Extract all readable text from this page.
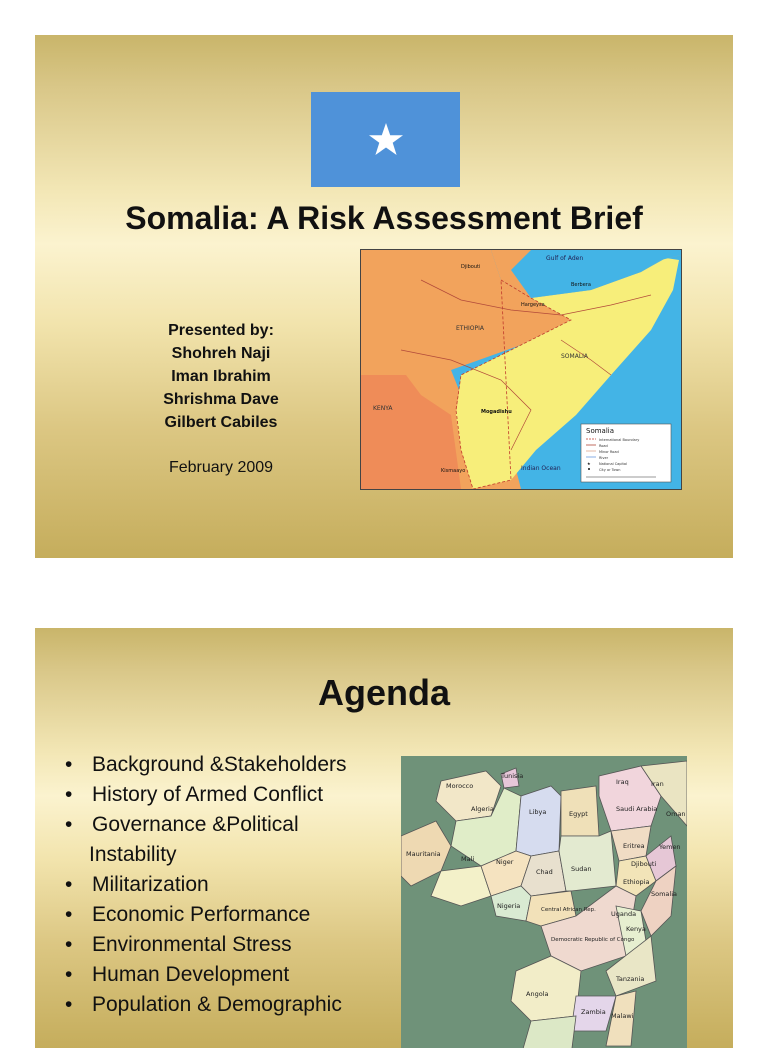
Somalia: A Risk Assessment Brief
Presented by:
Shohreh Naji
Iman Ibrahim
Shrishma Dave
Gilbert Cabiles
February 2009
Gulf of Aden
ETHIOPIA
SOMALIA
KENYA
Indian Ocean
Mogadishu
Djibouti
Berbera
Hargeysa
Kismaayo
Somalia
International Boundary
Road
Minor Road
River
★ National Capital
City or Town
Agenda
• Background &Stakeholders
• History of Armed Conflict
• Governance &Political
Instability
• Militarization
• Economic Performance
• Environmental Stress
• Human Development
• Population & Demographic
Tunisia
Morocco
Algeria	Libya	Egypt
Iran
Iraq
Saudi Arabia
Mali	Niger
Chad	Sudan
Eritrea Yemen
Djibouti
Somalia
Ethiopia
Nigeria	Central African Rep.
Democratic Republic of Congo
Kenya
Tanzania
Angola
Zambia Malawi
Mauritania
Uganda
Oman
